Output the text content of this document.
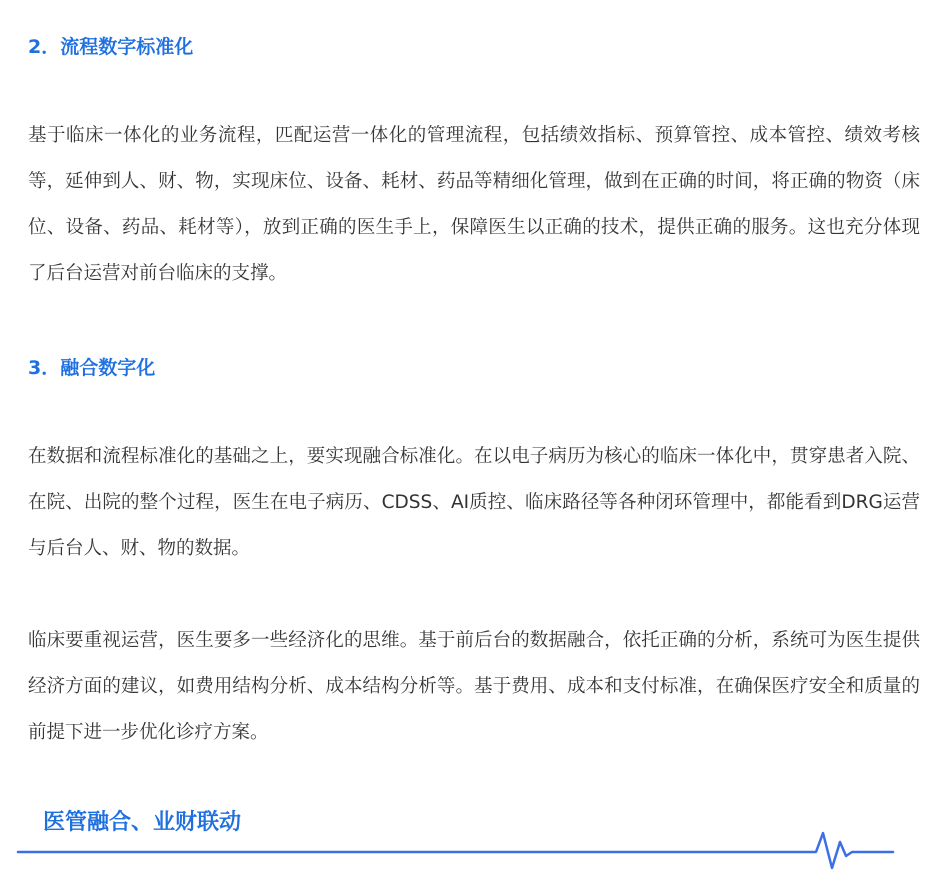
2．流程数字标准化

基于临床一体化的业务流程，匹配运营一体化的管理流程，包括绩效指标、预算管控、成本管控、绩效考核等，延伸到人、财、物，实现床位、设备、耗材、药品等精细化管理，做到在正确的时间，将正确的物资（床位、设备、药品、耗材等），放到正确的医生手上，保障医生以正确的技术，提供正确的服务。这也充分体现了后台运营对前台临床的支撑。

3．融合数字化

在数据和流程标准化的基础之上，要实现融合标准化。在以电子病历为核心的临床一体化中，贯穿患者入院、在院、出院的整个过程，医生在电子病历、CDSS、AI质控、临床路径等各种闭环管理中，都能看到DRG运营与后台人、财、物的数据。

临床要重视运营，医生要多一些经济化的思维。基于前后台的数据融合，依托正确的分析，系统可为医生提供经济方面的建议，如费用结构分析、成本结构分析等。基于费用、成本和支付标准，在确保医疗安全和质量的前提下进一步优化诊疗方案。

医管融合、业财联动
